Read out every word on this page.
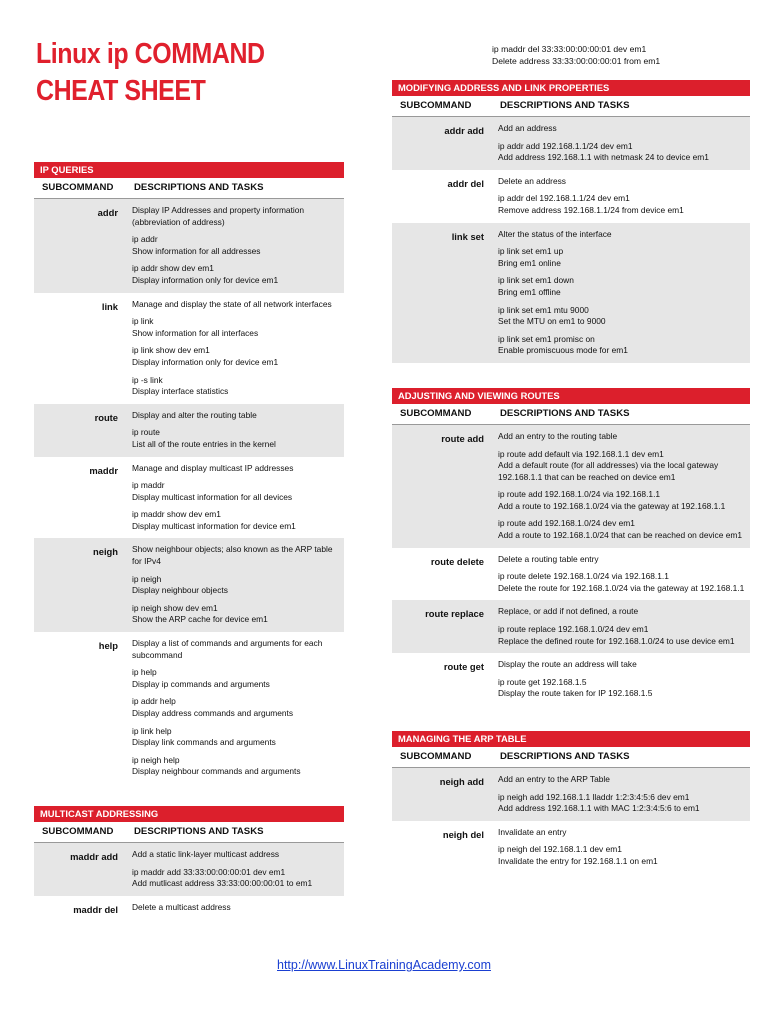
Linux ip COMMAND
CHEAT SHEET
ip maddr del 33:33:00:00:00:01 dev em1
Delete address 33:33:00:00:00:01 from em1
IP QUERIES
SUBCOMMAND	DESCRIPTIONS AND TASKS
addr	Display IP Addresses and property information (abbreviation of address)
ip addr
Show information for all addresses
ip addr show dev em1
Display information only for device em1
link	Manage and display the state of all network interfaces
ip link
Show information for all interfaces
ip link show dev em1
Display information only for device em1
ip -s link
Display interface statistics
route	Display and alter the routing table
ip route
List all of the route entries in the kernel
maddr	Manage and display multicast IP addresses
ip maddr
Display multicast information for all devices
ip maddr show dev em1
Display multicast information for device em1
neigh	Show neighbour objects; also known as the ARP table for IPv4
ip neigh
Display neighbour objects
ip neigh show dev em1
Show the ARP cache for device em1
help	Display a list of commands and arguments for each subcommand
ip help
Display ip commands and arguments
ip addr help
Display address commands and arguments
ip link help
Display link commands and arguments
ip neigh help
Display neighbour commands and arguments
MULTICAST ADDRESSING
SUBCOMMAND	DESCRIPTIONS AND TASKS
maddr add	Add a static link-layer multicast address
ip maddr add 33:33:00:00:00:01 dev em1
Add mutlicast address 33:33:00:00:00:01 to em1
maddr del	Delete a multicast address
MODIFYING ADDRESS AND LINK PROPERTIES
SUBCOMMAND	DESCRIPTIONS AND TASKS
addr add	Add an address
ip addr add 192.168.1.1/24 dev em1
Add address 192.168.1.1 with netmask 24 to device em1
addr del	Delete an address
ip addr del 192.168.1.1/24 dev em1
Remove address 192.168.1.1/24 from device em1
link set	Alter the status of the interface
ip link set em1 up
Bring em1 online
ip link set em1 down
Bring em1 offline
ip link set em1 mtu 9000
Set the MTU on em1 to 9000
ip link set em1 promisc on
Enable promiscuous mode for em1
ADJUSTING AND VIEWING ROUTES
SUBCOMMAND	DESCRIPTIONS AND TASKS
route add	Add an entry to the routing table
ip route add default via 192.168.1.1 dev em1
Add a default route (for all addresses) via the local gateway 192.168.1.1 that can be reached on device em1
ip route add 192.168.1.0/24 via 192.168.1.1
Add a route to 192.168.1.0/24 via the gateway at 192.168.1.1
ip route add 192.168.1.0/24 dev em1
Add a route to 192.168.1.0/24 that can be reached on device em1
route delete	Delete a routing table entry
ip route delete 192.168.1.0/24 via 192.168.1.1
Delete the route for 192.168.1.0/24 via the gateway at 192.168.1.1
route replace	Replace, or add if not defined, a route
ip route replace 192.168.1.0/24 dev em1
Replace the defined route for 192.168.1.0/24 to use device em1
route get	Display the route an address will take
ip route get 192.168.1.5
Display the route taken for IP 192.168.1.5
MANAGING THE ARP TABLE
SUBCOMMAND	DESCRIPTIONS AND TASKS
neigh add	Add an entry to the ARP Table
ip neigh add 192.168.1.1 lladdr 1:2:3:4:5:6 dev em1
Add address 192.168.1.1 with MAC 1:2:3:4:5:6 to em1
neigh del	Invalidate an entry
ip neigh del 192.168.1.1 dev em1
Invalidate the entry for 192.168.1.1 on em1
http://www.LinuxTrainingAcademy.com
